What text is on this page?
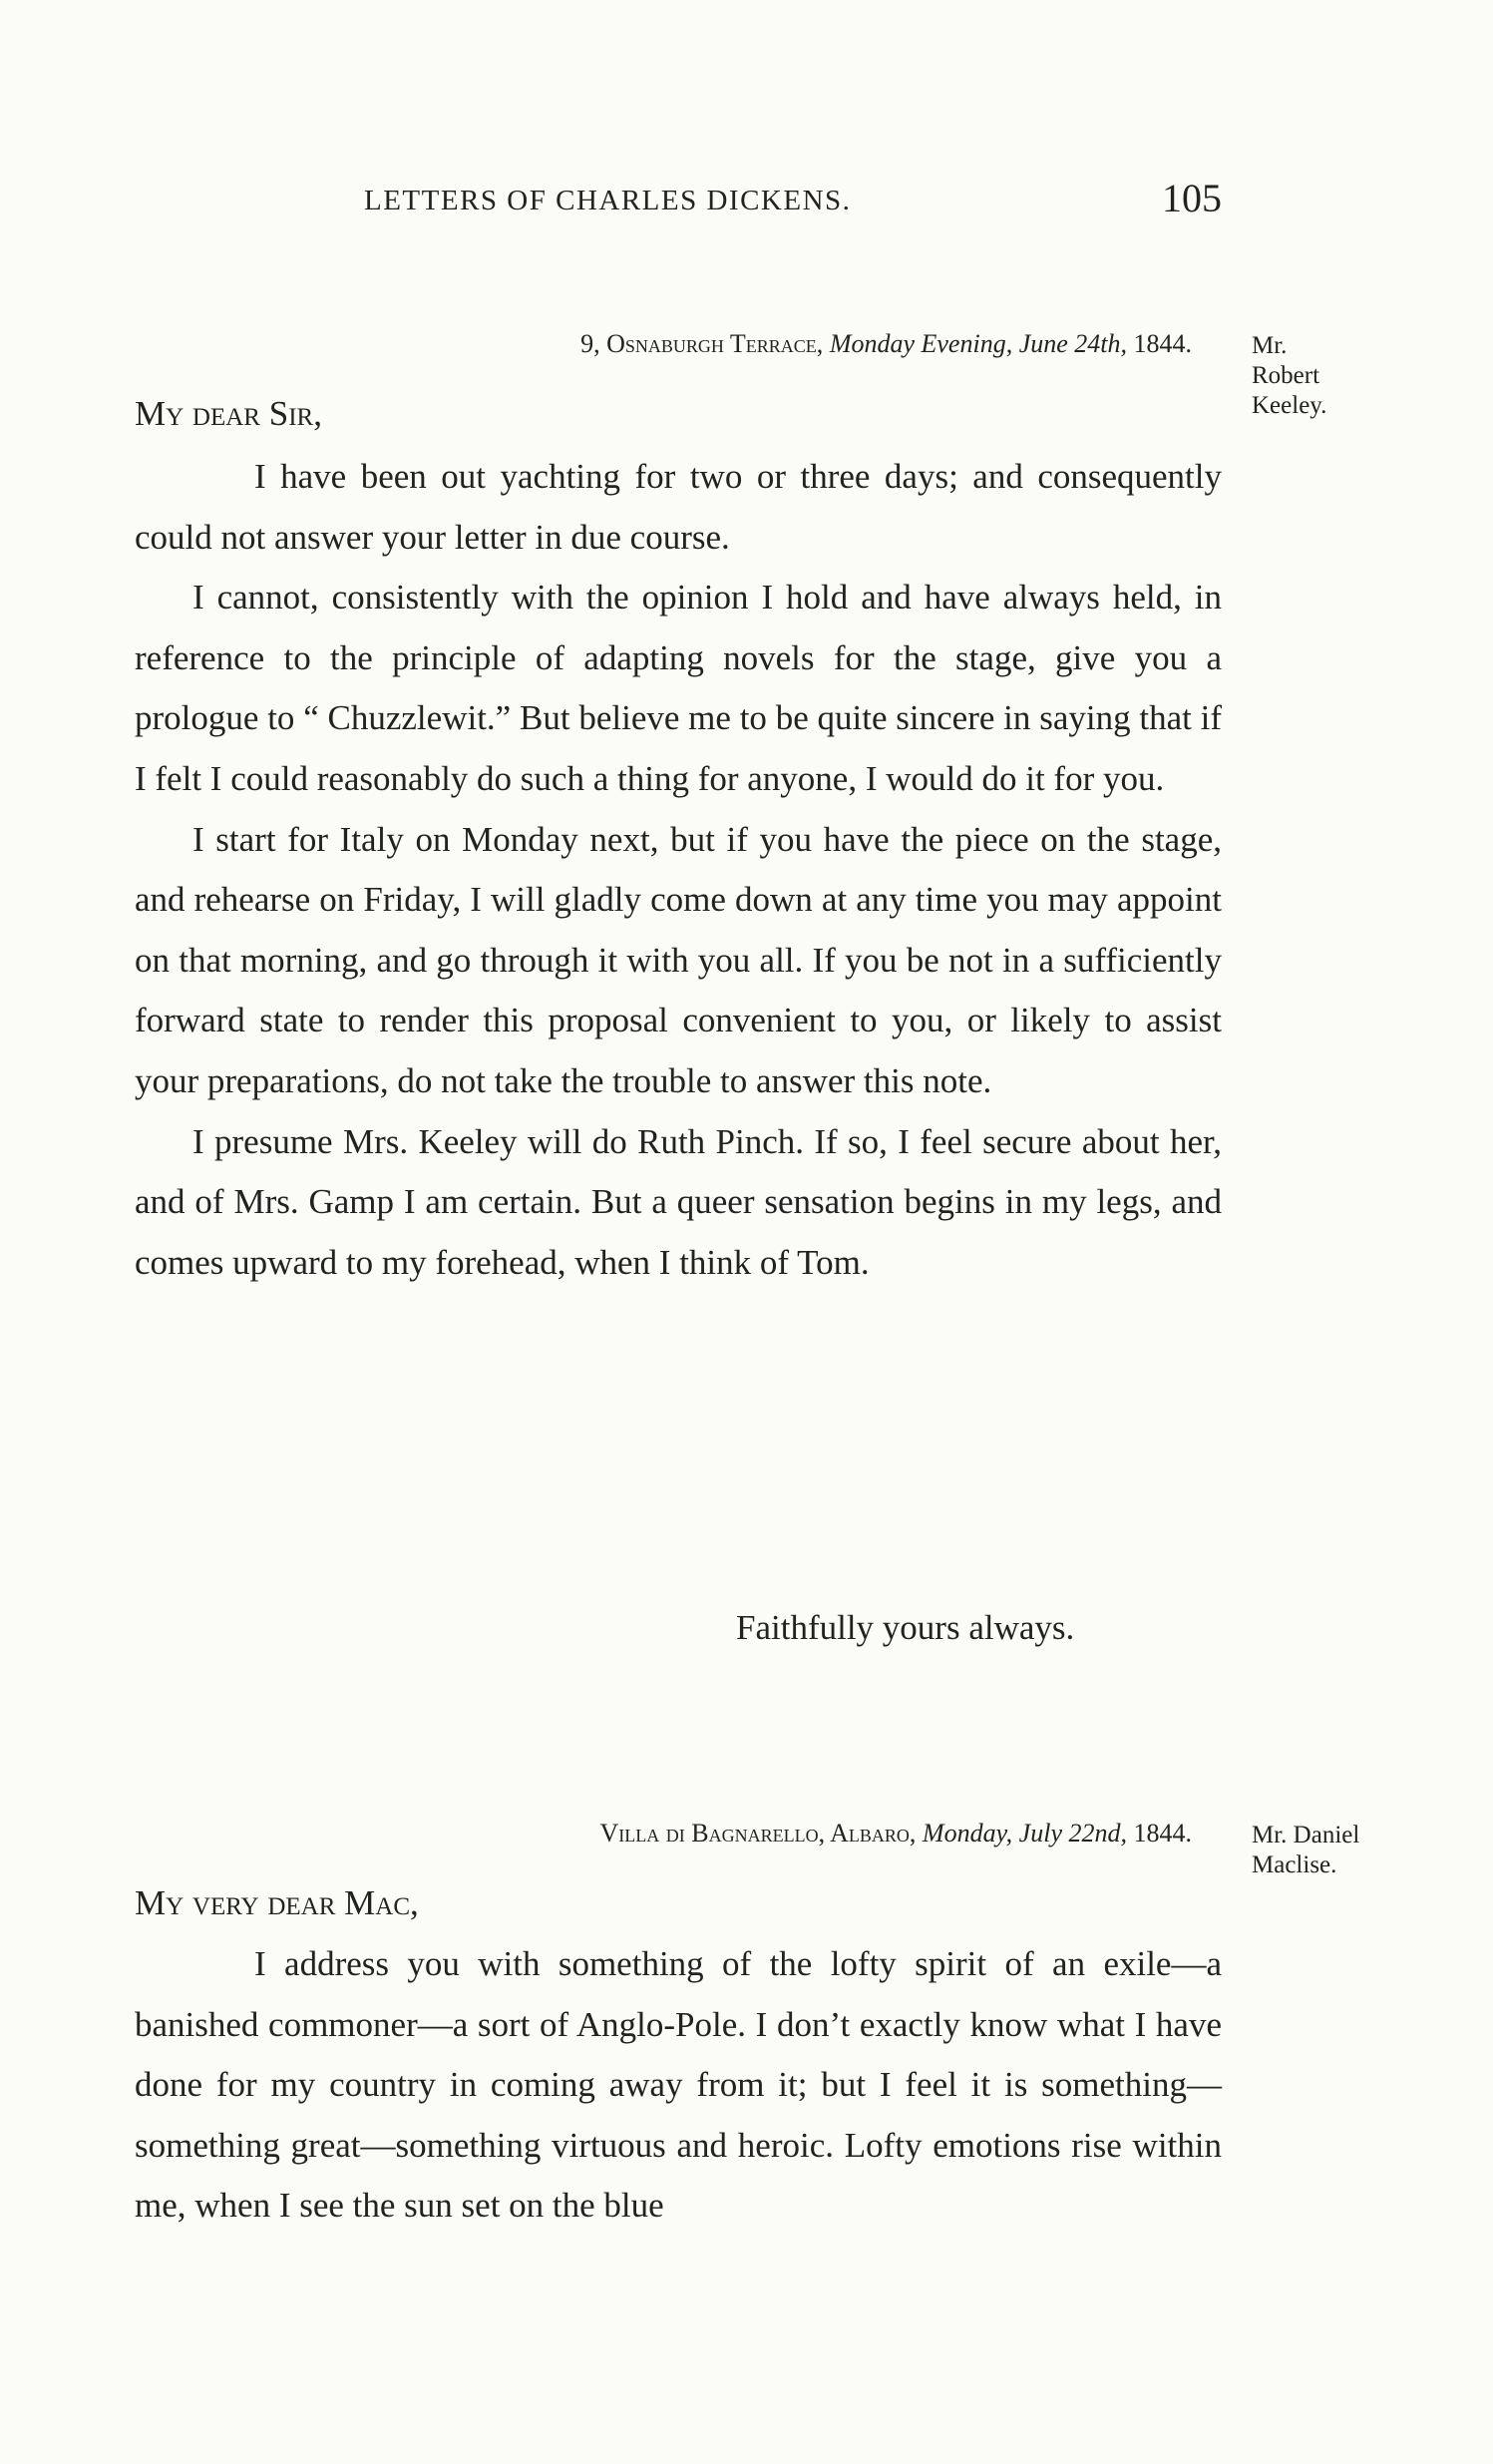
LETTERS OF CHARLES DICKENS.	105
9, Osnaburgh Terrace, Monday Evening, June 24th, 1844. Mr.
Robert
Keeley.
My dear Sir,

I have been out yachting for two or three days; and consequently could not answer your letter in due course.

I cannot, consistently with the opinion I hold and have always held, in reference to the principle of adapting novels for the stage, give you a prologue to “ Chuzzlewit.” But believe me to be quite sincere in saying that if I felt I could reasonably do such a thing for anyone, I would do it for you.

I start for Italy on Monday next, but if you have the piece on the stage, and rehearse on Friday, I will gladly come down at any time you may appoint on that morning, and go through it with you all. If you be not in a sufficiently forward state to render this proposal convenient to you, or likely to assist your preparations, do not take the trouble to answer this note.

I presume Mrs. Keeley will do Ruth Pinch. If so, I feel secure about her, and of Mrs. Gamp I am certain. But a queer sensation begins in my legs, and comes upward to my forehead, when I think of Tom.

Faithfully yours always.
Villa di Bagnarello, Albaro, Monday, July 22nd, 1844. Mr. Daniel
Maclise.
My very dear Mac,

I address you with something of the lofty spirit of an exile—a banished commoner—a sort of Anglo-Pole. I don’t exactly know what I have done for my country in coming away from it; but I feel it is something—something great—something virtuous and heroic. Lofty emotions rise within me, when I see the sun set on the blue
